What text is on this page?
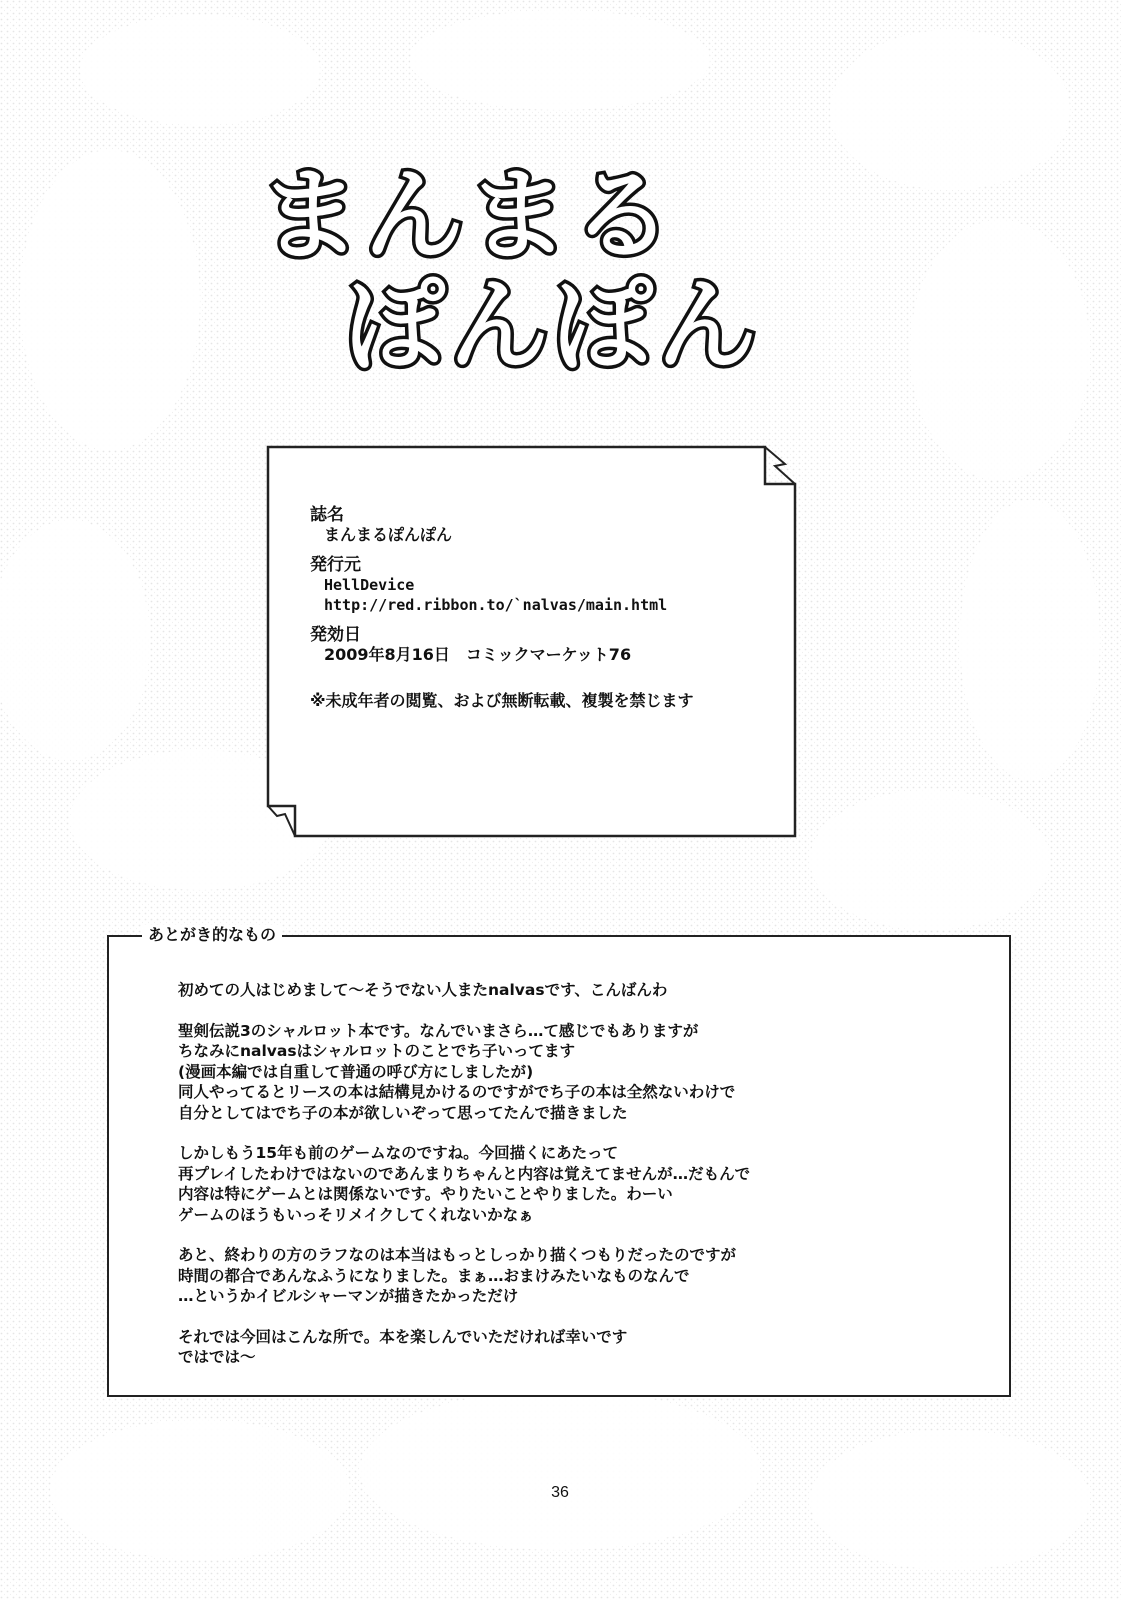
まんまる
ぽんぽん
誌名
まんまるぽんぽん
発行元
HellDevice
http://red.ribbon.to/`nalvas/main.html
発効日
2009年8月16日　コミックマーケット76
※未成年者の閲覧、および無断転載、複製を禁じます
あとがき的なもの

初めての人はじめまして～そうでない人またnalvasです、こんばんわ

聖剣伝説3のシャルロット本です。なんでいまさら…て感じでもありますが
ちなみにnalvasはシャルロットのことでち子いってます
(漫画本編では自重して普通の呼び方にしましたが)
同人やってるとリースの本は結構見かけるのですがでち子の本は全然ないわけで
自分としてはでち子の本が欲しいぞって思ってたんで描きました

しかしもう15年も前のゲームなのですね。今回描くにあたって
再プレイしたわけではないのであんまりちゃんと内容は覚えてませんが…だもんで
内容は特にゲームとは関係ないです。やりたいことやりました。わーい
ゲームのほうもいっそリメイクしてくれないかなぁ

あと、終わりの方のラフなのは本当はもっとしっかり描くつもりだったのですが
時間の都合であんなふうになりました。まぁ…おまけみたいなものなんで
…というかイビルシャーマンが描きたかっただけ

それでは今回はこんな所で。本を楽しんでいただければ幸いです
ではでは～

36
